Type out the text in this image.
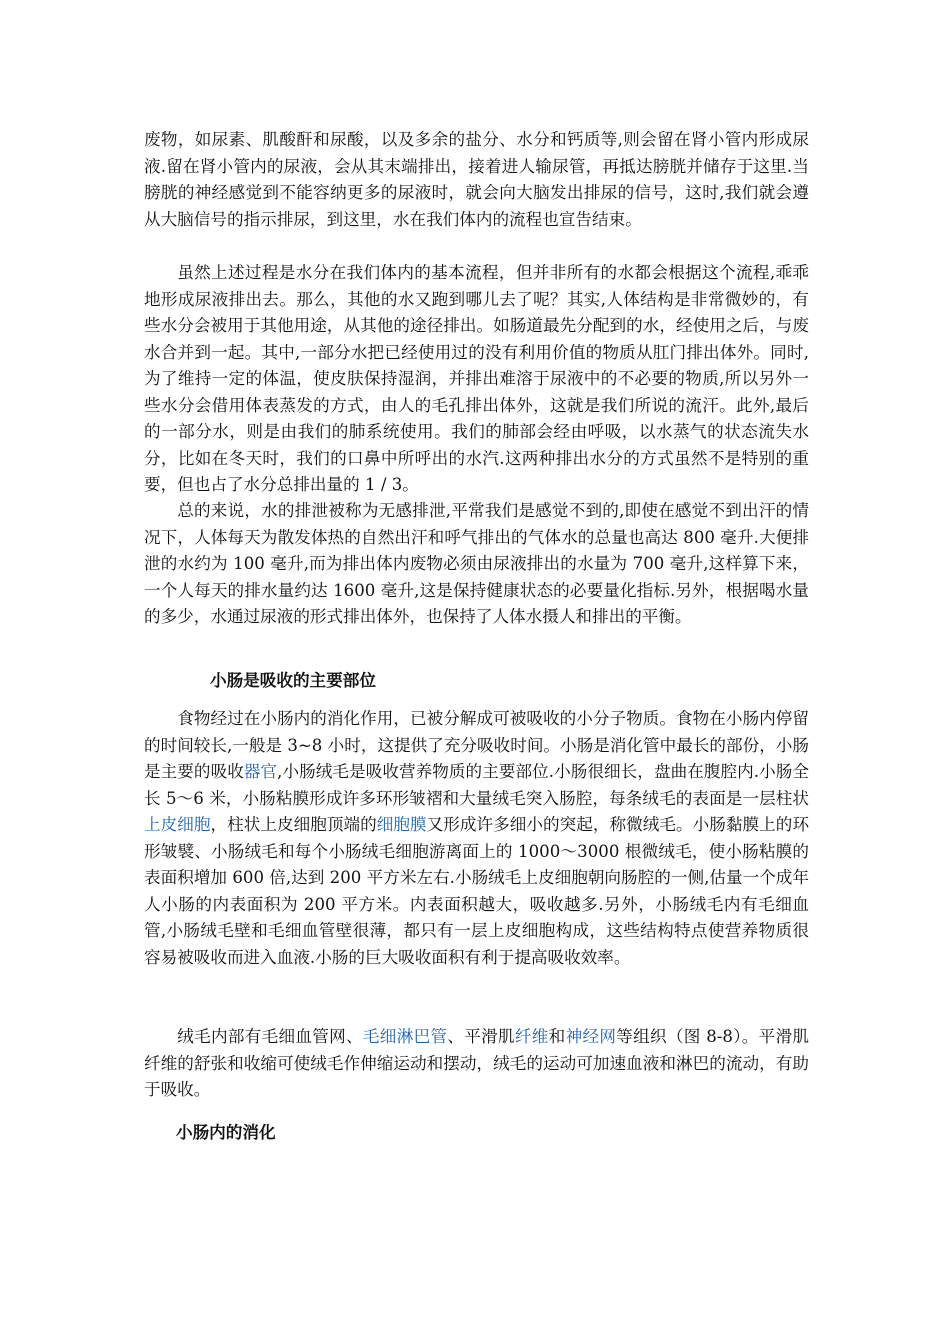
废物，如尿素、肌酸酐和尿酸，以及多余的盐分、水分和钙质等,则会留在肾小管内形成尿液.留在肾小管内的尿液，会从其末端排出，接着进人输尿管，再抵达膀胱并储存于这里.当膀胱的神经感觉到不能容纳更多的尿液时，就会向大脑发出排尿的信号，这时,我们就会遵从大脑信号的指示排尿，到这里，水在我们体内的流程也宣告结束。

虽然上述过程是水分在我们体内的基本流程，但并非所有的水都会根据这个流程,乖乖地形成尿液排出去。那么，其他的水又跑到哪儿去了呢？其实,人体结构是非常微妙的，有些水分会被用于其他用途，从其他的途径排出。如肠道最先分配到的水，经使用之后，与废水合并到一起。其中,一部分水把已经使用过的没有利用价值的物质从肛门排出体外。同时,为了维持一定的体温，使皮肤保持湿润，并排出难溶于尿液中的不必要的物质,所以另外一些水分会借用体表蒸发的方式，由人的毛孔排出体外，这就是我们所说的流汗。此外,最后的一部分水，则是由我们的肺系统使用。我们的肺部会经由呼吸，以水蒸气的状态流失水分，比如在冬天时，我们的口鼻中所呼出的水汽.这两种排出水分的方式虽然不是特别的重要，但也占了水分总排出量的 1 / 3。

总的来说，水的排泄被称为无感排泄,平常我们是感觉不到的,即使在感觉不到出汗的情况下，人体每天为散发体热的自然出汗和呼气排出的气体水的总量也高达 800 毫升.大便排泄的水约为 100 毫升,而为排出体内废物必须由尿液排出的水量为 700 毫升,这样算下来，一个人每天的排水量约达 1600 毫升,这是保持健康状态的必要量化指标.另外，根据喝水量的多少，水通过尿液的形式排出体外，也保持了人体水摄人和排出的平衡。

小肠是吸收的主要部位

食物经过在小肠内的消化作用，已被分解成可被吸收的小分子物质。食物在小肠内停留的时间较长,一般是 3~8 小时，这提供了充分吸收时间。小肠是消化管中最长的部份，小肠是主要的吸收器官,小肠绒毛是吸收营养物质的主要部位.小肠很细长，盘曲在腹腔内.小肠全长 5～6 米，小肠粘膜形成许多环形皱褶和大量绒毛突入肠腔，每条绒毛的表面是一层柱状上皮细胞，柱状上皮细胞顶端的细胞膜又形成许多细小的突起，称微绒毛。小肠黏膜上的环形皱襞、小肠绒毛和每个小肠绒毛细胞游离面上的 1000～3000 根微绒毛，使小肠粘膜的表面积增加 600 倍,达到 200 平方米左右.小肠绒毛上皮细胞朝向肠腔的一侧,估量一个成年人小肠的内表面积为 200 平方米。内表面积越大，吸收越多.另外，小肠绒毛内有毛细血管,小肠绒毛壁和毛细血管壁很薄，都只有一层上皮细胞构成，这些结构特点使营养物质很容易被吸收而进入血液.小肠的巨大吸收面积有利于提高吸收效率。

绒毛内部有毛细血管网、毛细淋巴管、平滑肌纤维和神经网等组织（图 8-8）。平滑肌纤维的舒张和收缩可使绒毛作伸缩运动和摆动，绒毛的运动可加速血液和淋巴的流动，有助于吸收。

小肠内的消化
